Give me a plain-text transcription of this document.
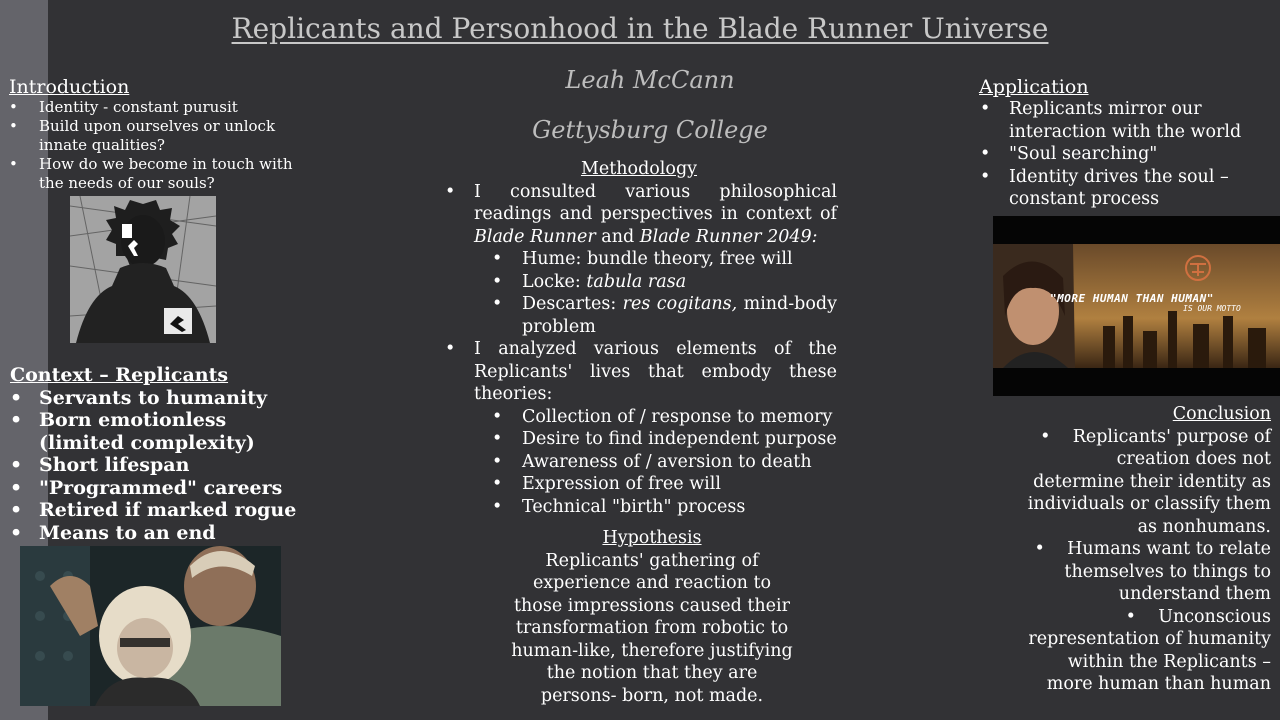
Replicants and Personhood in the Blade Runner Universe
Leah McCann
Gettysburg College
Introduction
• Identity - constant purusit
• Build upon ourselves or unlock innate qualities?
• How do we become in touch with the needs of our souls?
Context – Replicants
• Servants to humanity
• Born emotionless (limited complexity)
• Short lifespan
• "Programmed" careers
• Retired if marked rogue
• Means to an end
Methodology
• I consulted various philosophical readings and perspectives in context of Blade Runner and Blade Runner 2049:
• Hume: bundle theory, free will
• Locke: tabula rasa
• Descartes: res cogitans, mind-body problem
• I analyzed various elements of the Replicants' lives that embody these theories:
• Collection of / response to memory
• Desire to find independent purpose
• Awareness of / aversion to death
• Expression of free will
• Technical "birth" process
Hypothesis
Replicants' gathering of experience and reaction to those impressions caused their transformation from robotic to human-like, therefore justifying the notion that they are persons- born, not made.
Application
• Replicants mirror our interaction with the world
• "Soul searching"
• Identity drives the soul – constant process
"MORE HUMAN THAN HUMAN"
IS OUR MOTTO
Conclusion

•    Replicants' purpose of creation does not determine their identity as individuals or classify them as nonhumans.

•    Humans want to relate themselves to things to understand them

•    Unconscious representation of humanity within the Replicants – more human than human
